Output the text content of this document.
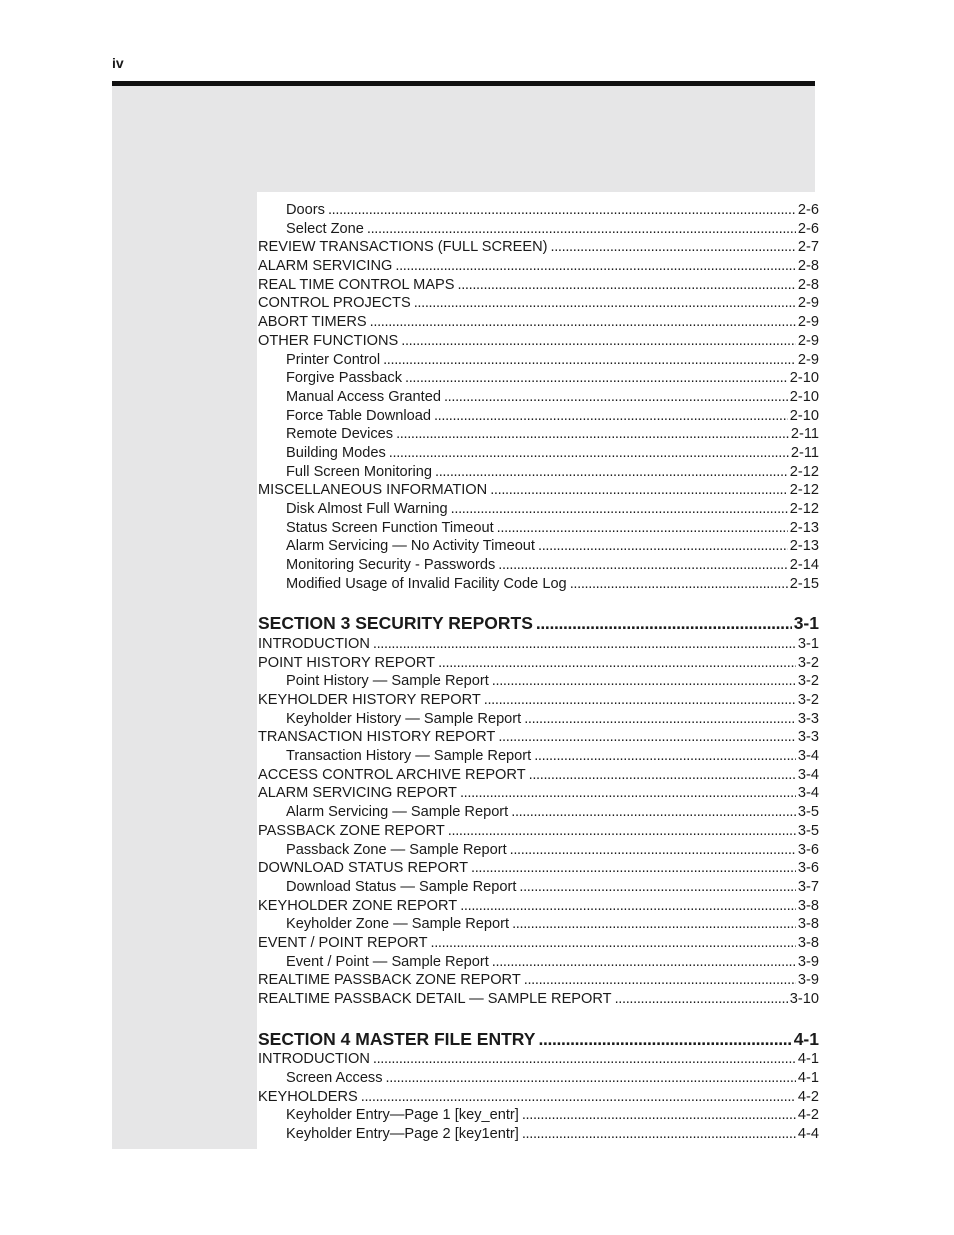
iv
Doors . . .	2-6
Select Zone . . .	2-6
REVIEW TRANSACTIONS (FULL SCREEN) . . .	2-7
ALARM SERVICING . . .	2-8
REAL TIME CONTROL MAPS . . .	2-8
CONTROL PROJECTS . . .	2-9
ABORT TIMERS . . .	2-9
OTHER FUNCTIONS . . .	2-9
Printer Control . . .	2-9
Forgive Passback . . .	2-10
Manual Access Granted . . .	2-10
Force Table Download . . .	2-10
Remote Devices . . .	2-11
Building Modes . . .	2-11
Full Screen Monitoring . . .	2-12
MISCELLANEOUS INFORMATION . . .	2-12
Disk Almost Full Warning . . .	2-12
Status Screen Function Timeout . . .	2-13
Alarm Servicing — No Activity Timeout . . .	2-13
Monitoring Security - Passwords . . .	2-14
Modified Usage of Invalid Facility Code Log . . .	2-15
SECTION 3 SECURITY REPORTS . . .	3-1
INTRODUCTION . . .	3-1
POINT HISTORY REPORT . . .	3-2
Point History — Sample Report . . .	3-2
KEYHOLDER HISTORY REPORT . . .	3-2
Keyholder History — Sample Report . . .	3-3
TRANSACTION HISTORY REPORT . . .	3-3
Transaction History — Sample Report . . .	3-4
ACCESS CONTROL ARCHIVE REPORT . . .	3-4
ALARM SERVICING REPORT . . .	3-4
Alarm Servicing — Sample Report . . .	3-5
PASSBACK ZONE REPORT . . .	3-5
Passback Zone — Sample Report . . .	3-6
DOWNLOAD STATUS REPORT . . .	3-6
Download Status — Sample Report . . .	3-7
KEYHOLDER ZONE REPORT . . .	3-8
Keyholder Zone — Sample Report . . .	3-8
EVENT / POINT REPORT . . .	3-8
Event / Point — Sample Report . . .	3-9
REALTIME PASSBACK ZONE REPORT . . .	3-9
REALTIME PASSBACK DETAIL — SAMPLE REPORT . . .	3-10
SECTION 4 MASTER FILE ENTRY . . .	4-1
INTRODUCTION . . .	4-1
Screen Access . . .	4-1
KEYHOLDERS . . .	4-2
Keyholder Entry—Page 1 [key_entr] . . .	4-2
Keyholder Entry—Page 2 [key1entr] . . .	4-4
